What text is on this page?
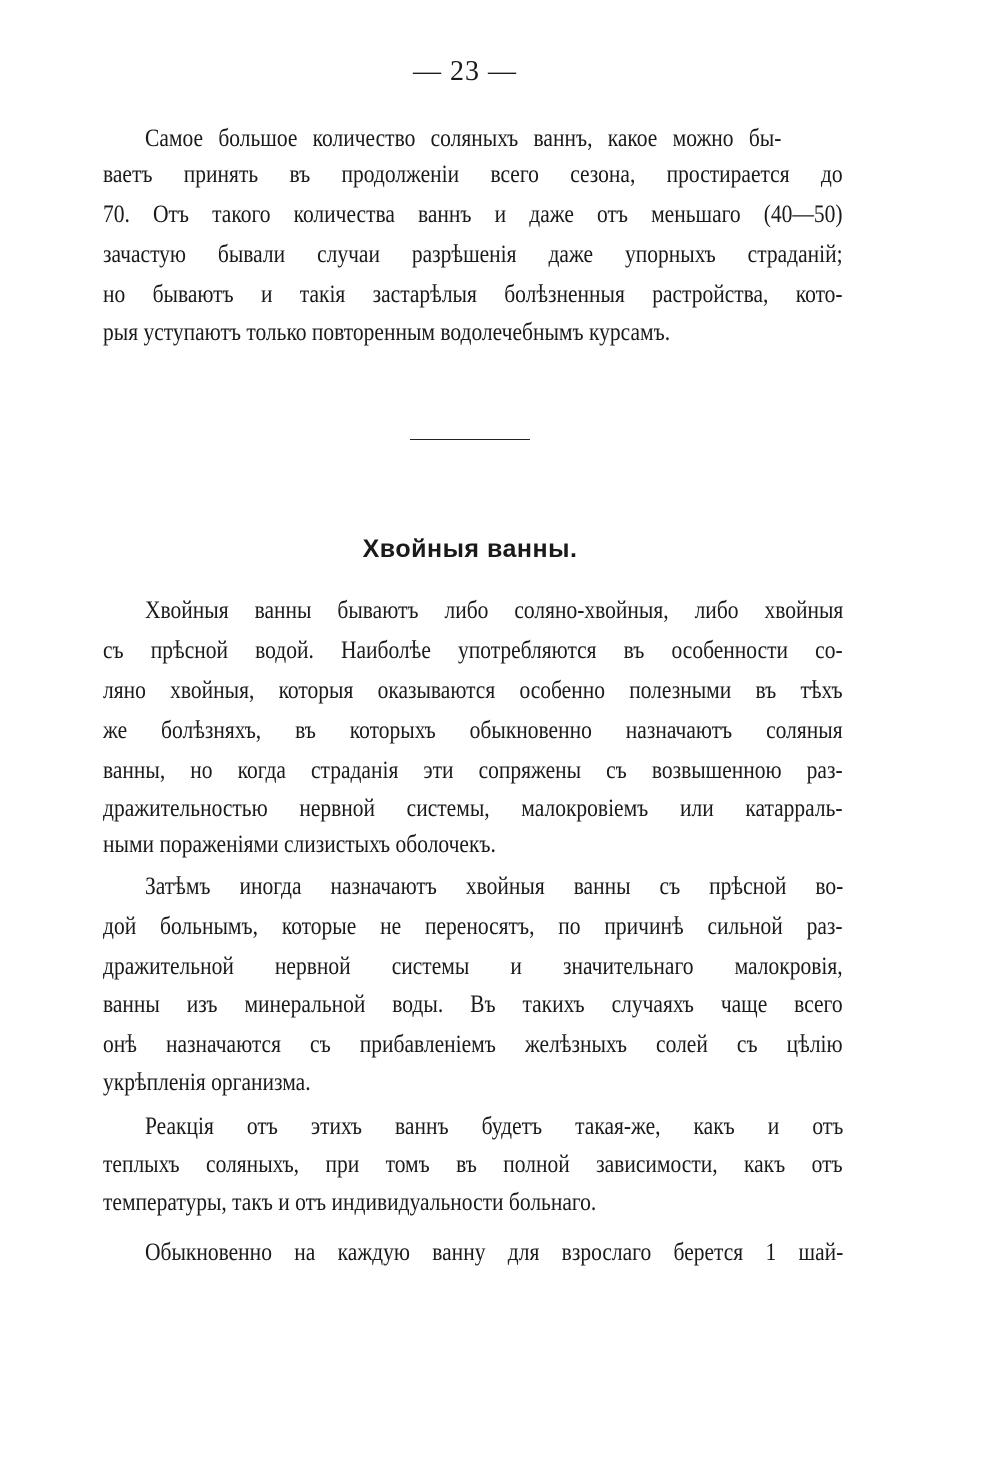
— 23 —
Самое большое количество соляныхъ ваннъ, какое можно бы-
ваетъ принять въ продолженіи всего сезона, простирается до
70. Отъ такого количества ваннъ и даже отъ меньшаго (40—50)
зачастую бывали случаи разрѣшенія даже упорныхъ страданій;
но бываютъ и такія застарѣлыя болѣзненныя растройства, кото-
рыя уступаютъ только повторенным водолечебнымъ курсамъ.
Хвойныя ванны.
Хвойныя ванны бываютъ либо соляно-хвойныя, либо хвойныя
съ прѣсной водой. Наиболѣе употребляются въ особенности со-
ляно хвойныя, которыя оказываются особенно полезными въ тѣхъ
же болѣзняхъ, въ которыхъ обыкновенно назначаютъ соляныя
ванны, но когда страданія эти сопряжены съ возвышенною раз-
дражительностью нервной системы, малокровіемъ или катарраль-
ными пораженіями слизистыхъ оболочекъ.
Затѣмъ иногда назначаютъ хвойныя ванны съ прѣсной во-
дой больнымъ, которые не переносятъ, по причинѣ сильной раз-
дражительной нервной системы и значительнаго малокровія,
ванны изъ минеральной воды. Въ такихъ случаяхъ чаще всего
онѣ назначаются съ прибавленіемъ желѣзныхъ солей съ цѣлію
укрѣпленія организма.
Реакція отъ этихъ ваннъ будетъ такая-же, какъ и отъ
теплыхъ соляныхъ, при томъ въ полной зависимости, какъ отъ
температуры, такъ и отъ индивидуальности больнаго.
Обыкновенно на каждую ванну для взрослаго берется 1 шай-
